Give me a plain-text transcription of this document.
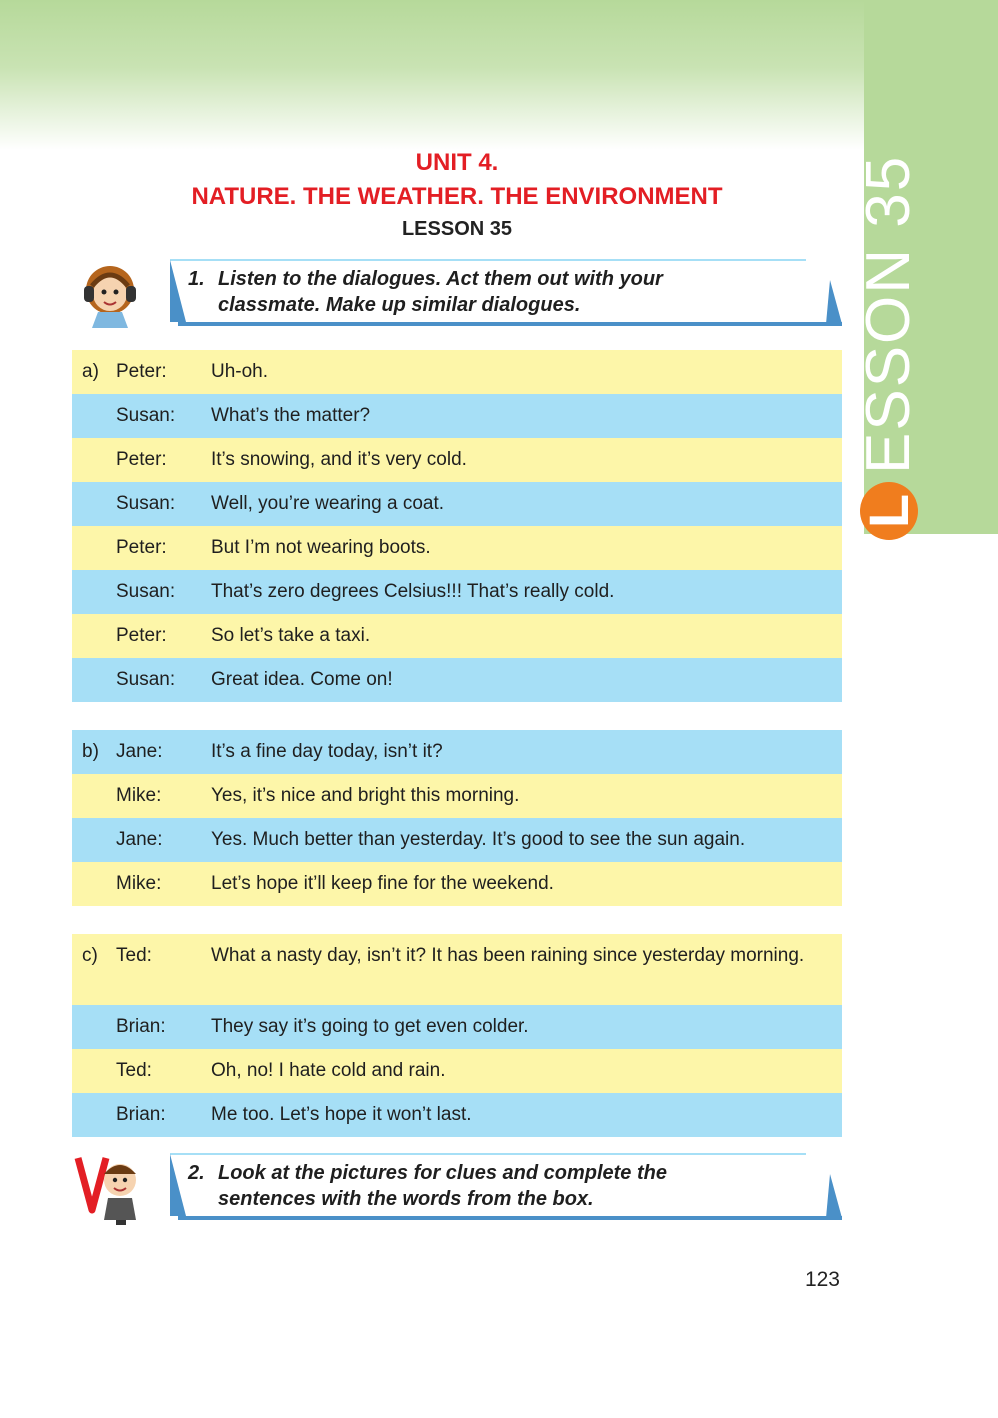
L
ESSON 35
UNIT 4.
NATURE. THE WEATHER. THE ENVIRONMENT
LESSON 35
1. Listen to the dialogues. Act them out with your
classmate. Make up similar dialogues.
a) Peter:	Uh-oh.
Susan:	What’s the matter?
Peter:	It’s snowing, and it’s very cold.
Susan:	Well, you’re wearing a coat.
Peter:	But I’m not wearing boots.
Susan:	That’s zero degrees Celsius!!! That’s really cold.
Peter:	So let’s take a taxi.
Susan:	Great idea. Come on!
b) Jane:	It’s a fine day today, isn’t it?
Mike:	Yes, it’s nice and bright this morning.
Jane:	Yes. Much better than yesterday. It’s good to see the sun again.
Mike:	Let’s hope it’ll keep fine for the weekend.
c) Ted:	What a nasty day, isn’t it? It has been raining since yesterday morning.
Brian:	They say it’s going to get even colder.
Ted:	Oh, no! I hate cold and rain.
Brian:	Me too. Let’s hope it won’t last.
2. Look at the pictures for clues and complete the
sentences with the words from the box.
123
